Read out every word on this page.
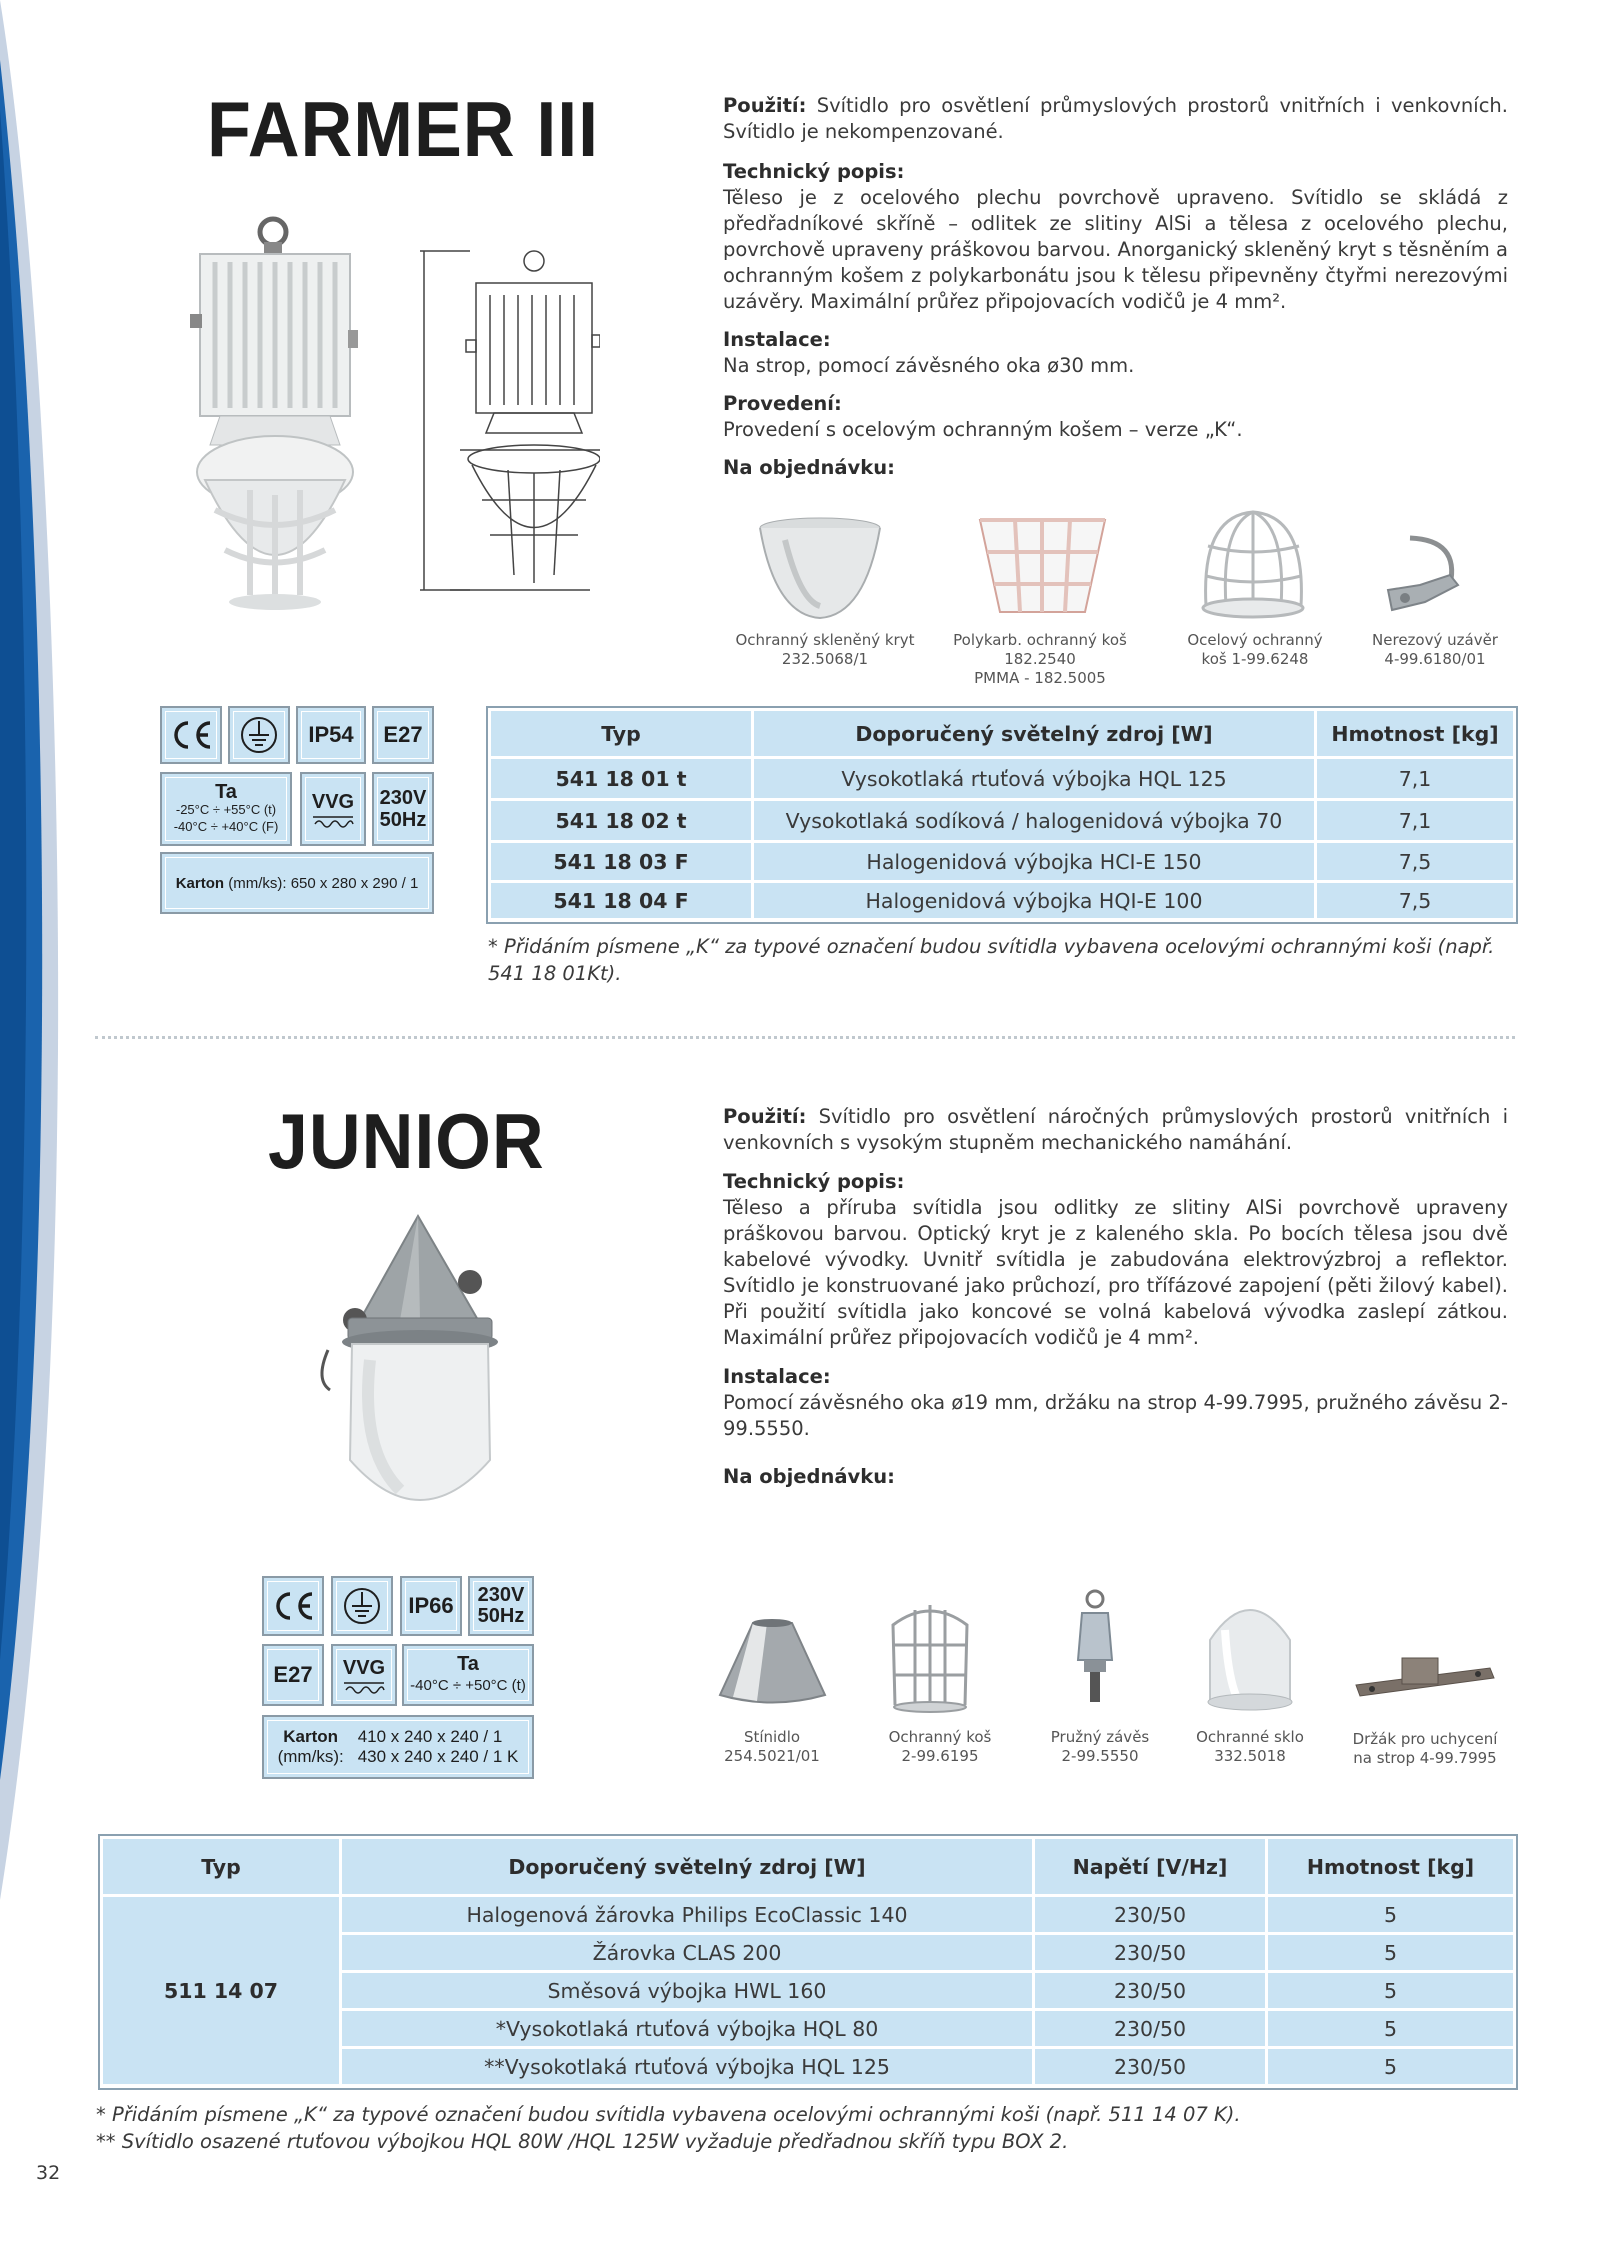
FARMER III	Použití: Svítidlo pro osvětlení průmyslových prostorů vnitřních i venkovních. Svítidlo je nekompenzované.

Technický popis:
Těleso je z ocelového plechu povrchově upraveno. Svítidlo se skládá z předřadníkové skříně – odlitek ze slitiny AlSi a tělesa z ocelového plechu, povrchově upraveny práškovou barvou. Anorganický skleněný kryt s těsněním a ochranným košem z polykarbonátu jsou k tělesu připevněny čtyřmi nerezovými uzávěry. Maximální průřez připojovacích vodičů je 4 mm².

Instalace:
Na strop, pomocí závěsného oka ø30 mm.

Provedení:
Provedení s ocelovým ochranným košem – verze „K“.

Na objednávku:

Ochranný skleněný kryt
232.5068/1
Polykarb. ochranný koš
182.2540
PMMA - 182.5005
Ocelový ochranný
koš 1-99.6248
Nerezový uzávěr
4-99.6180/01
IP54 E27
Ta
-25°C ÷ +55°C (t)
-40°C ÷ +40°C (F)
VVG 230V
50Hz
Karton (mm/ks): 650 x 280 x 290 / 1
Typ	Doporučený světelný zdroj [W]	Hmotnost [kg]
541 18 01 t	Vysokotlaká rtuťová výbojka HQL 125	7,1
541 18 02 t	Vysokotlaká sodíková / halogenidová výbojka 70	7,1
541 18 03 F	Halogenidová výbojka HCI-E 150	7,5
541 18 04 F	Halogenidová výbojka HQI-E 100	7,5
* Přidáním písmene „K“ za typové označení budou svítidla vybavena ocelovými ochrannými koši (např. 541 18 01Kt).
JUNIOR	Použití: Svítidlo pro osvětlení náročných průmyslových prostorů vnitřních i venkovních s vysokým stupněm mechanického namáhání.

Technický popis:
Těleso a příruba svítidla jsou odlitky ze slitiny AlSi povrchově upraveny práškovou barvou. Optický kryt je z kaleného skla. Po bocích tělesa jsou dvě kabelové vývodky. Uvnitř svítidla je zabudována elektrovýzbroj a reflektor. Svítidlo je konstruované jako průchozí, pro třífázové zapojení (pěti žilový kabel). Při použití svítidla jako koncové se volná kabelová vývodka zaslepí zátkou. Maximální průřez připojovacích vodičů je 4 mm².

Instalace:
Pomocí závěsného oka ø19 mm, držáku na strop 4-99.7995, pružného závěsu 2-99.5550.

Na objednávku:

IP66 230V
50Hz
E27 VVG	Ta
-40°C ÷ +50°C (t)
Karton
(mm/ks):
410 x 240 x 240 / 1
430 x 240 x 240 / 1 K
Stínidlo
254.5021/01
Ochranný koš
2-99.6195
Pružný závěs
2-99.5550
Ochranné sklo
332.5018
Držák pro uchycení
na strop 4-99.7995
Typ	Doporučený světelný zdroj [W]	Napětí [V/Hz]	Hmotnost [kg]
511 14 07	Halogenová žárovka Philips EcoClassic 140	230/50	5
	Žárovka CLAS 200	230/50	5
	Směsová výbojka HWL 160	230/50	5
	*Vysokotlaká rtuťová výbojka HQL 80	230/50	5
	**Vysokotlaká rtuťová výbojka HQL 125	230/50	5
* Přidáním písmene „K“ za typové označení budou svítidla vybavena ocelovými ochrannými koši (např. 511 14 07 K).
** Svítidlo osazené rtuťovou výbojkou HQL 80W /HQL 125W vyžaduje předřadnou skříň typu BOX 2.
32
